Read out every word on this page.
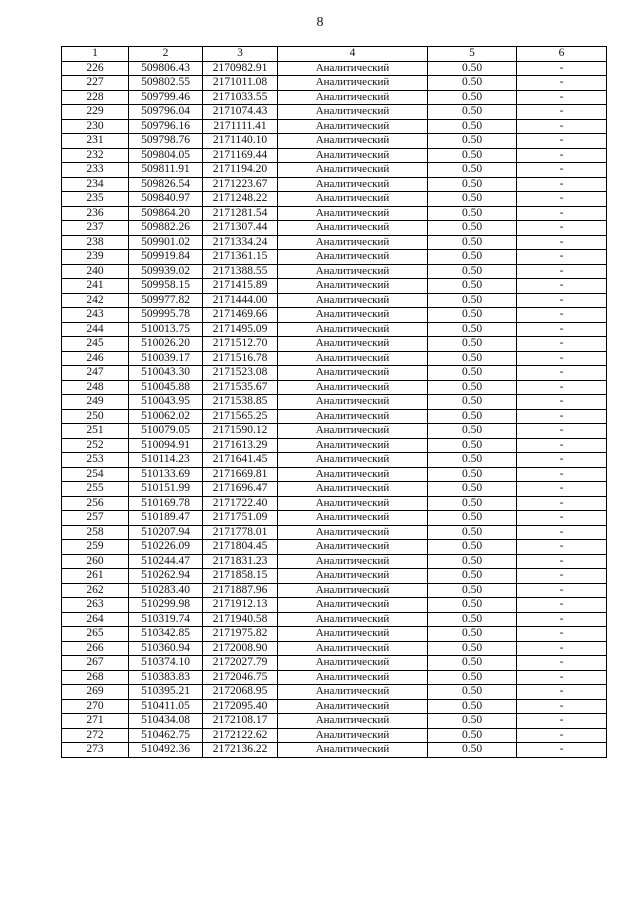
8
1	2	3	4	5	6
226	509806.43	2170982.91	Аналитический	0.50	-
227	509802.55	2171011.08	Аналитический	0.50	-
228	509799.46	2171033.55	Аналитический	0.50	-
229	509796.04	2171074.43	Аналитический	0.50	-
230	509796.16	2171111.41	Аналитический	0.50	-
231	509798.76	2171140.10	Аналитический	0.50	-
232	509804.05	2171169.44	Аналитический	0.50	-
233	509811.91	2171194.20	Аналитический	0.50	-
234	509826.54	2171223.67	Аналитический	0.50	-
235	509840.97	2171248.22	Аналитический	0.50	-
236	509864.20	2171281.54	Аналитический	0.50	-
237	509882.26	2171307.44	Аналитический	0.50	-
238	509901.02	2171334.24	Аналитический	0.50	-
239	509919.84	2171361.15	Аналитический	0.50	-
240	509939.02	2171388.55	Аналитический	0.50	-
241	509958.15	2171415.89	Аналитический	0.50	-
242	509977.82	2171444.00	Аналитический	0.50	-
243	509995.78	2171469.66	Аналитический	0.50	-
244	510013.75	2171495.09	Аналитический	0.50	-
245	510026.20	2171512.70	Аналитический	0.50	-
246	510039.17	2171516.78	Аналитический	0.50	-
247	510043.30	2171523.08	Аналитический	0.50	-
248	510045.88	2171535.67	Аналитический	0.50	-
249	510043.95	2171538.85	Аналитический	0.50	-
250	510062.02	2171565.25	Аналитический	0.50	-
251	510079.05	2171590.12	Аналитический	0.50	-
252	510094.91	2171613.29	Аналитический	0.50	-
253	510114.23	2171641.45	Аналитический	0.50	-
254	510133.69	2171669.81	Аналитический	0.50	-
255	510151.99	2171696.47	Аналитический	0.50	-
256	510169.78	2171722.40	Аналитический	0.50	-
257	510189.47	2171751.09	Аналитический	0.50	-
258	510207.94	2171778.01	Аналитический	0.50	-
259	510226.09	2171804.45	Аналитический	0.50	-
260	510244.47	2171831.23	Аналитический	0.50	-
261	510262.94	2171858.15	Аналитический	0.50	-
262	510283.40	2171887.96	Аналитический	0.50	-
263	510299.98	2171912.13	Аналитический	0.50	-
264	510319.74	2171940.58	Аналитический	0.50	-
265	510342.85	2171975.82	Аналитический	0.50	-
266	510360.94	2172008.90	Аналитический	0.50	-
267	510374.10	2172027.79	Аналитический	0.50	-
268	510383.83	2172046.75	Аналитический	0.50	-
269	510395.21	2172068.95	Аналитический	0.50	-
270	510411.05	2172095.40	Аналитический	0.50	-
271	510434.08	2172108.17	Аналитический	0.50	-
272	510462.75	2172122.62	Аналитический	0.50	-
273	510492.36	2172136.22	Аналитический	0.50	-
